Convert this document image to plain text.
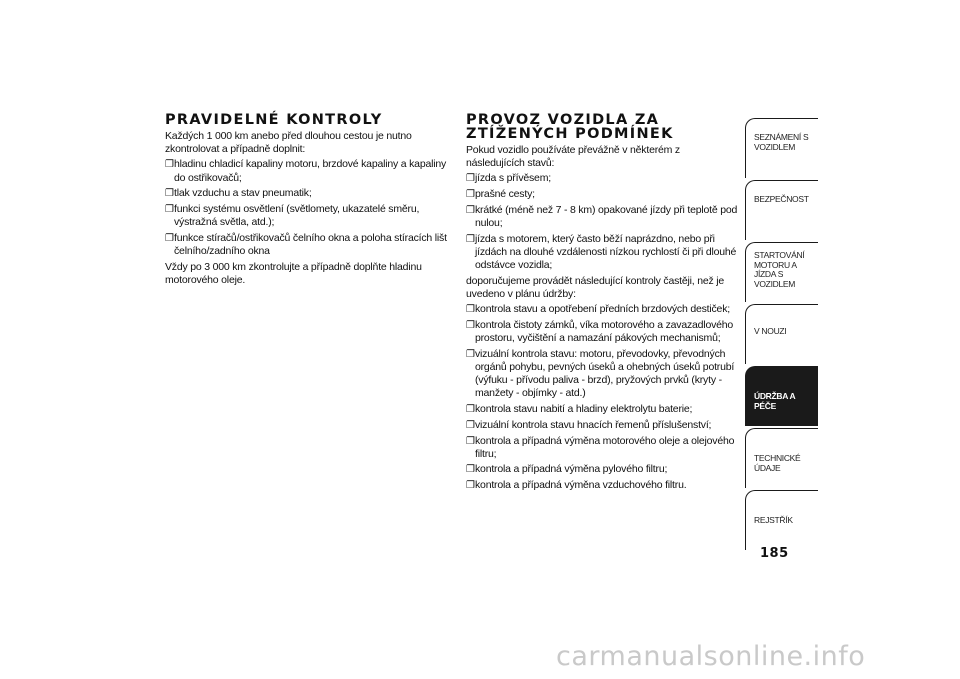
PRAVIDELNÉ KONTROLY

Každých 1 000 km anebo před dlouhou cestou je nutno zkontrolovat a případně doplnit:

❐ hladinu chladicí kapaliny motoru, brzdové kapaliny a kapaliny do ostřikovačů;
❐ tlak vzduchu a stav pneumatik;
❐ funkci systému osvětlení (světlomety, ukazatelé směru, výstražná světla, atd.);
❐ funkce stíračů/ostřikovačů čelního okna a poloha stíracích lišt čelního/zadního okna

Vždy po 3 000 km zkontrolujte a případně doplňte hladinu motorového oleje.

PROVOZ VOZIDLA ZA
ZTÍŽENÝCH PODMÍNEK

Pokud vozidlo používáte převážně v některém z následujících stavů:

❐ jízda s přívěsem;
❐ prašné cesty;
❐ krátké (méně než 7 - 8 km) opakované jízdy při teplotě pod nulou;
❐ jízda s motorem, který často běží naprázdno, nebo při jízdách na dlouhé vzdálenosti nízkou rychlostí či při dlouhé odstávce vozidla;

doporučujeme provádět následující kontroly častěji, než je uvedeno v plánu údržby:

❐ kontrola stavu a opotřebení předních brzdových destiček;
❐ kontrola čistoty zámků, víka motorového a zavazadlového prostoru, vyčištění a namazání pákových mechanismů;
❐ vizuální kontrola stavu: motoru, převodovky, převodných orgánů pohybu, pevných úseků a ohebných úseků potrubí (výfuku - přívodu paliva - brzd), pryžových prvků (kryty - manžety - objímky - atd.)
❐ kontrola stavu nabití a hladiny elektrolytu baterie;
❐ vizuální kontrola stavu hnacích řemenů příslušenství;
❐ kontrola a případná výměna motorového oleje a olejového filtru;
❐ kontrola a případná výměna pylového filtru;
❐ kontrola a případná výměna vzduchového filtru.
SEZNÁMENÍ S VOZIDLEM
BEZPEČNOST
STARTOVÁNÍ MOTORU A JÍZDA S VOZIDLEM
V NOUZI
ÚDRŽBA A PÉČE
TECHNICKÉ ÚDAJE
REJSTŘÍK
185
carmanualsonline.info
